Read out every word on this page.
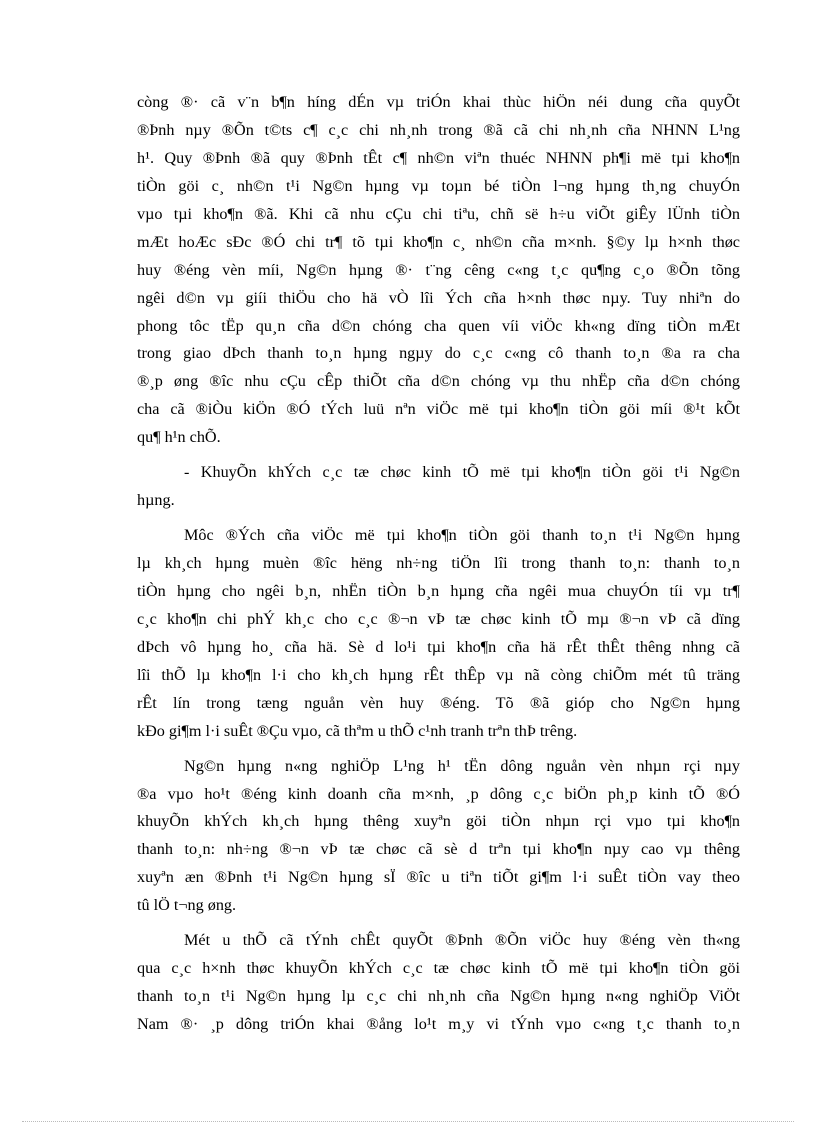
còng ®· cã v¨n b¶n híng dÉn vµ triÓn khai thùc hiÖn néi dung cña quyÕt
®Þnh nµy ®Õn t©ts c¶ c¸c chi nh¸nh trong ®ã cã chi nh¸nh cña NHNN L¹ng
h¹. Quy ®Þnh ®ã quy ®Þnh tÊt c¶ nh©n viªn thuéc NHNN ph¶i më tµi kho¶n
tiÒn göi c¸ nh©n t¹i Ng©n hµng vµ toµn bé tiÒn l¬ng hµng th¸ng chuyÓn
vµo tµi kho¶n ®ã. Khi cã nhu cÇu chi tiªu, chñ së h÷u viÕt giÊy lÜnh tiÒn
mÆt hoÆc sÐc ®Ó chi tr¶ tõ tµi kho¶n c¸ nh©n cña m×nh. §©y lµ h×nh thøc
huy ®éng vèn míi, Ng©n hµng ®· t¨ng cêng c«ng t¸c qu¶ng c¸o ®Õn tõng
ngêi d©n vµ giíi thiÖu cho hä vÒ lîi Ých cña h×nh thøc nµy. Tuy nhiªn do
phong tôc tËp qu¸n cña d©n chóng cha quen víi viÖc kh«ng dïng tiÒn mÆt
trong giao dÞch thanh to¸n hµng ngµy do c¸c c«ng cô thanh to¸n ®a ra cha
®¸p øng ®îc nhu cÇu cÊp thiÕt cña d©n chóng vµ thu nhËp cña d©n chóng
cha cã ®iÒu kiÖn ®Ó tÝch luü nªn viÖc më tµi kho¶n tiÒn göi míi ®¹t kÕt
qu¶ h¹n chÕ.
- KhuyÕn khÝch c¸c tæ chøc kinh tÕ më tµi kho¶n tiÒn göi t¹i Ng©n
hµng.
Môc ®Ých cña viÖc më tµi kho¶n tiÒn göi thanh to¸n t¹i Ng©n hµng
lµ kh¸ch hµng muèn ®îc hëng nh÷ng tiÖn lîi trong thanh to¸n: thanh to¸n
tiÒn hµng cho ngêi b¸n, nhËn tiÒn b¸n hµng cña ngêi mua chuyÓn tíi vµ tr¶
c¸c kho¶n chi phÝ kh¸c cho c¸c ®¬n vÞ tæ chøc kinh tÕ mµ ®¬n vÞ cã dïng
dÞch vô hµng ho¸ cña hä. Sè d lo¹i tµi kho¶n cña hä rÊt thÊt thêng nhng cã
lîi thÕ lµ kho¶n l·i cho kh¸ch hµng rÊt thÊp vµ nã còng chiÕm mét tû träng
rÊt lín trong tæng nguån vèn huy ®éng. Tõ ®ã gióp cho Ng©n hµng
kÐo gi¶m l·i suÊt ®Çu vµo, cã thªm u thÕ c¹nh tranh trªn thÞ trêng.
Ng©n hµng n«ng nghiÖp L¹ng h¹ tËn dông nguån vèn nhµn rçi nµy
®a vµo ho¹t ®éng kinh doanh cña m×nh, ¸p dông c¸c biÖn ph¸p kinh tÕ ®Ó
khuyÕn khÝch kh¸ch hµng thêng xuyªn göi tiÒn nhµn rçi vµo tµi kho¶n
thanh to¸n: nh÷ng ®¬n vÞ tæ chøc cã sè d trªn tµi kho¶n nµy cao vµ thêng
xuyªn æn ®Þnh t¹i Ng©n hµng sÏ ®îc u tiªn tiÕt gi¶m l·i suÊt tiÒn vay theo
tû lÖ t¬ng øng.
Mét u thÕ cã tÝnh chÊt quyÕt ®Þnh ®Õn viÖc huy ®éng vèn th«ng
qua c¸c h×nh thøc khuyÕn khÝch c¸c tæ chøc kinh tÕ më tµi kho¶n tiÒn göi
thanh to¸n t¹i Ng©n hµng lµ c¸c chi nh¸nh cña Ng©n hµng n«ng nghiÖp ViÖt
Nam ®· ¸p dông triÓn khai ®ång lo¹t m¸y vi tÝnh vµo c«ng t¸c thanh to¸n
